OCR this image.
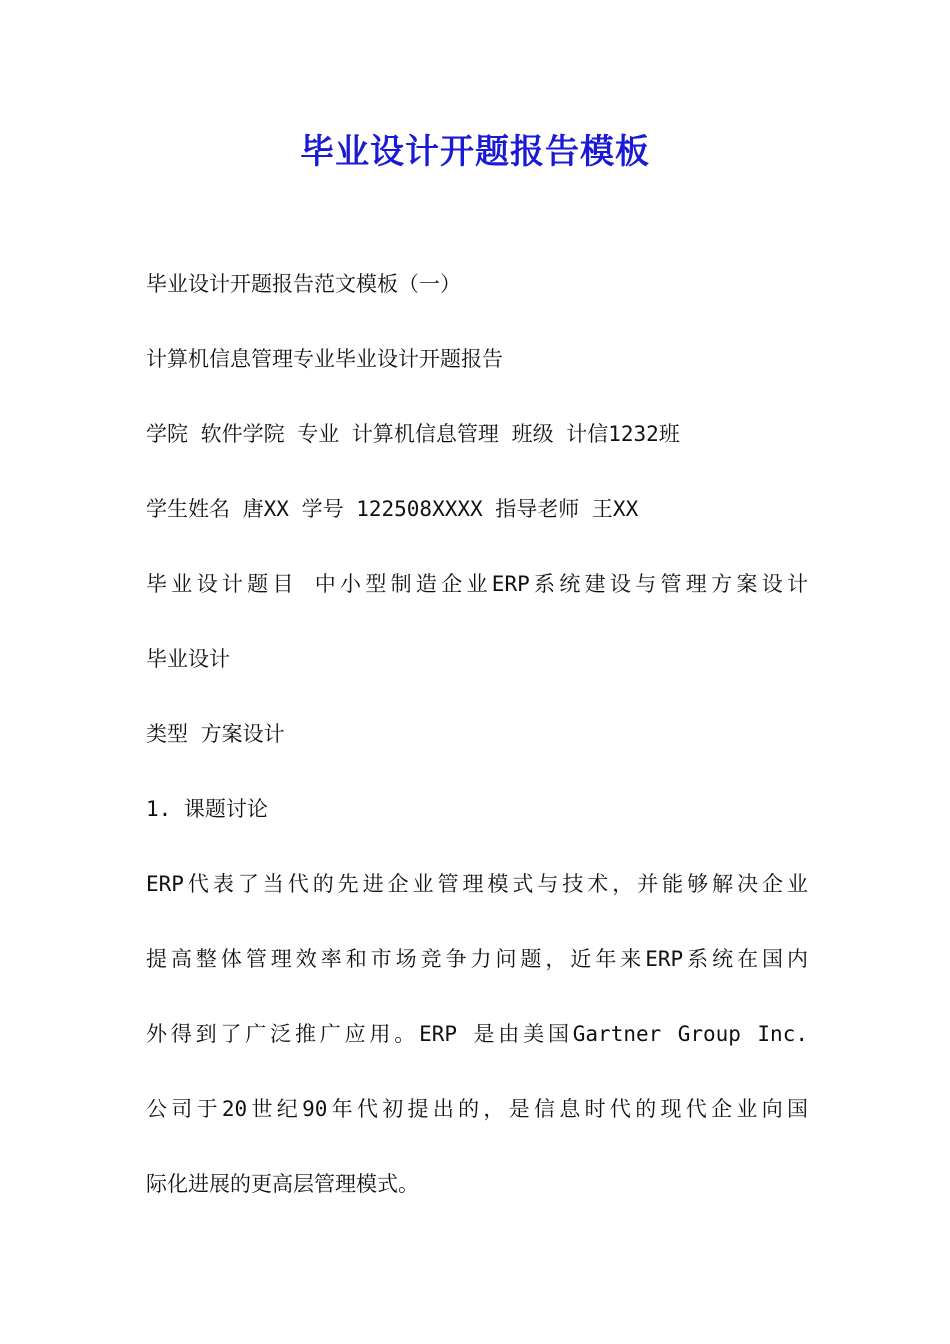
毕业设计开题报告模板
毕业设计开题报告范文模板（一）
计算机信息管理专业毕业设计开题报告
学院 软件学院 专业 计算机信息管理 班级 计信1232班
学生姓名 唐XX 学号 122508XXXX 指导老师 王XX
毕业设计题目 中小型制造企业ERP系统建设与管理方案设计
毕业设计
类型 方案设计
1. 课题讨论
ERP代表了当代的先进企业管理模式与技术，并能够解决企业
提高整体管理效率和市场竞争力问题，近年来ERP系统在国内
外得到了广泛推广应用。ERP 是由美国Gartner Group Inc.
公司于20世纪90年代初提出的，是信息时代的现代企业向国
际化进展的更高层管理模式。
